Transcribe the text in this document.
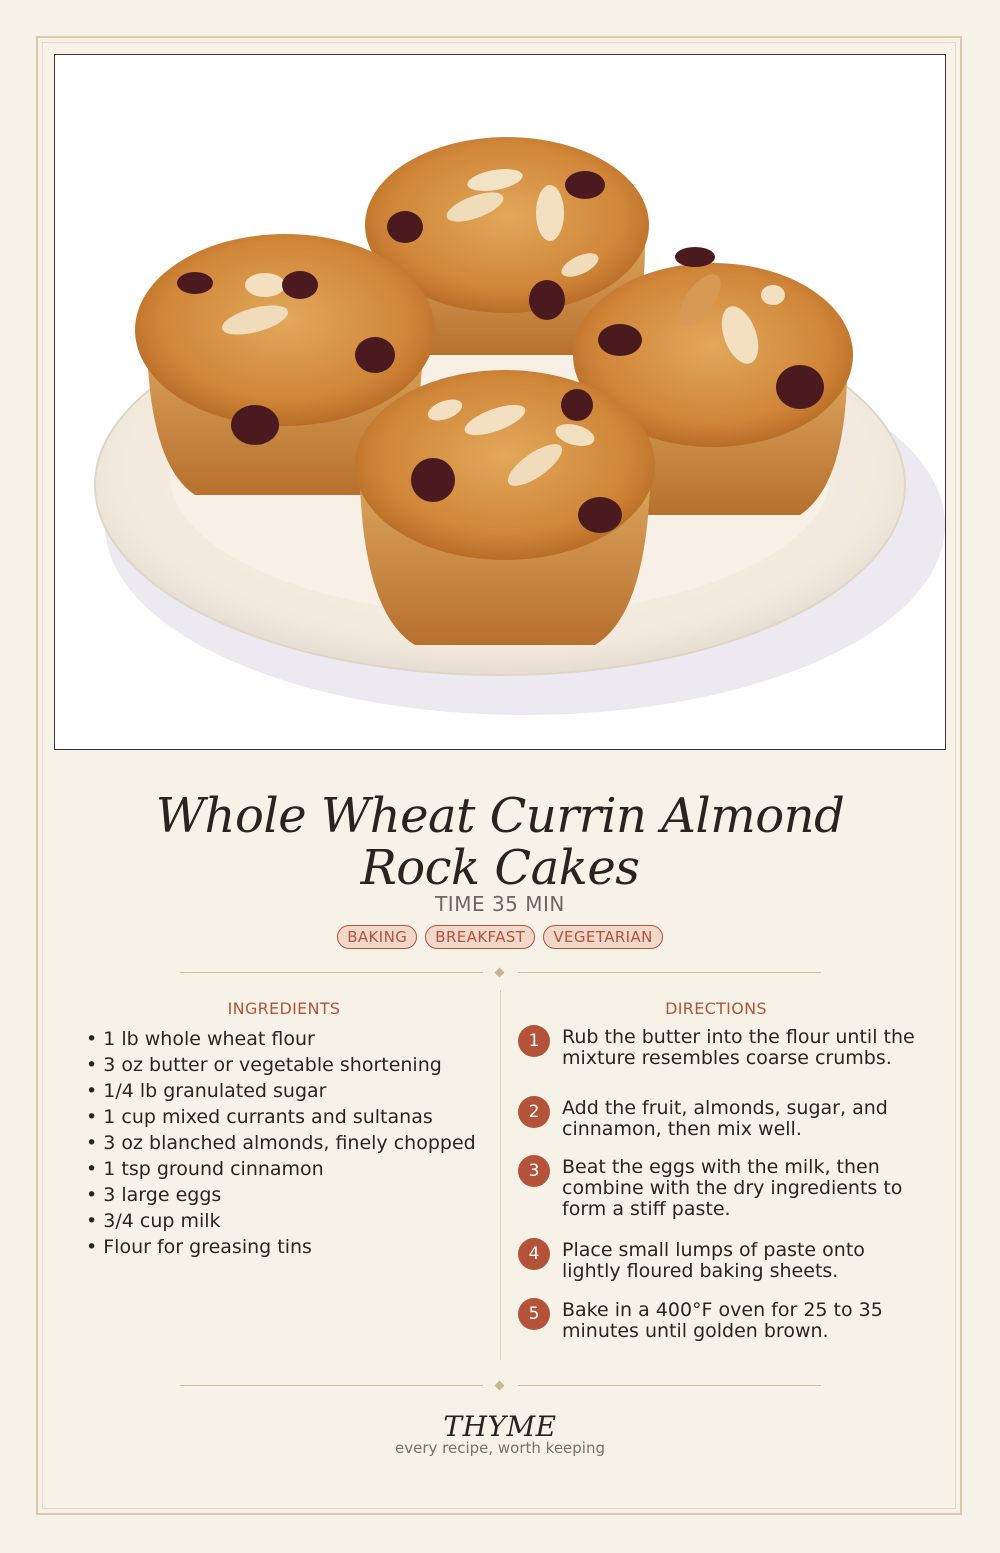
Whole Wheat Currin Almond Rock Cakes
TIME 35 MIN
BAKING	BREAKFAST	VEGETARIAN
INGREDIENTS
• 1 lb whole wheat flour
• 3 oz butter or vegetable shortening
• 1/4 lb granulated sugar
• 1 cup mixed currants and sultanas
• 3 oz blanched almonds, finely chopped
• 1 tsp ground cinnamon
• 3 large eggs
• 3/4 cup milk
• Flour for greasing tins
DIRECTIONS
1	Rub the butter into the flour until the mixture resembles coarse crumbs.
2	Add the fruit, almonds, sugar, and cinnamon, then mix well.
3	Beat the eggs with the milk, then combine with the dry ingredients to form a stiff paste.
4	Place small lumps of paste onto lightly floured baking sheets.
5	Bake in a 400°F oven for 25 to 35 minutes until golden brown.
THYME
every recipe, worth keeping
